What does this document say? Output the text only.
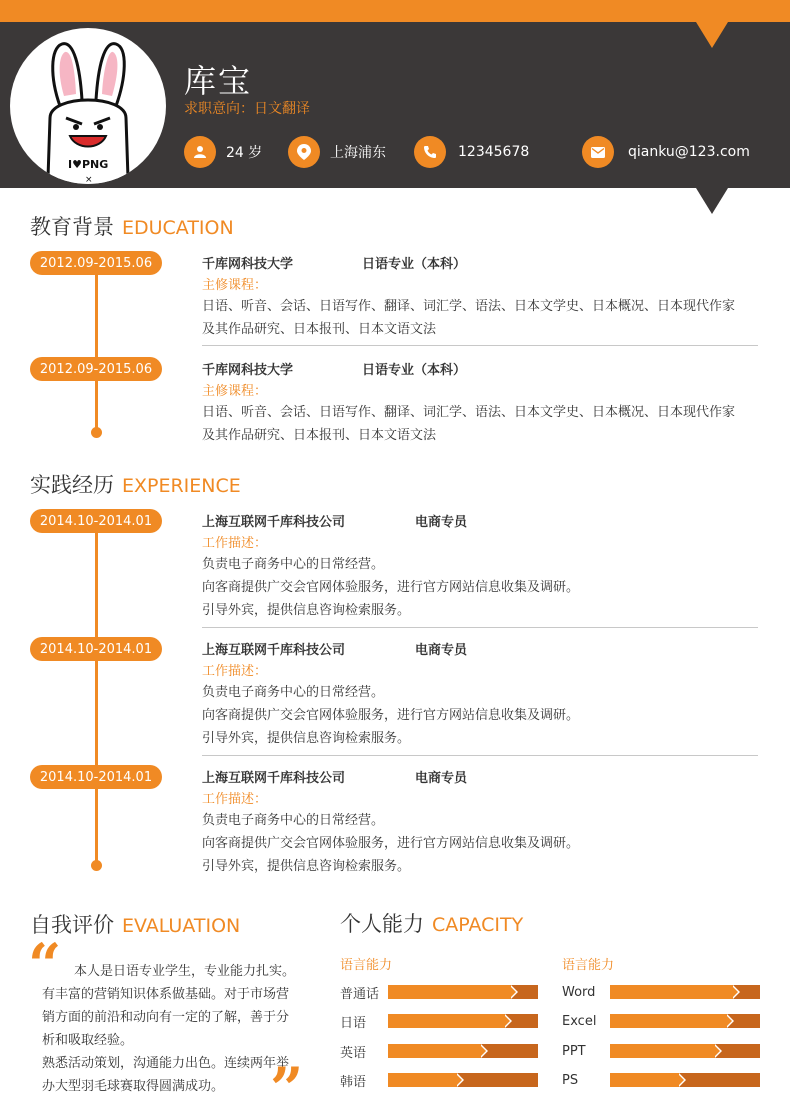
I♥PNG
×
库宝
求职意向：日文翻译
24 岁	上海浦东	12345678	qianku@123.com
教育背景 EDUCATION
2012.09-2015.06	千库网科技大学	日语专业（本科）
主修课程：
日语、听音、会话、日语写作、翻译、词汇学、语法、日本文学史、日本概况、日本现代作家
及其作品研究、日本报刊、日本文语文法
2012.09-2015.06	千库网科技大学	日语专业（本科）
主修课程：
日语、听音、会话、日语写作、翻译、词汇学、语法、日本文学史、日本概况、日本现代作家
及其作品研究、日本报刊、日本文语文法
实践经历 EXPERIENCE
2014.10-2014.01	上海互联网千库科技公司	电商专员
工作描述：
负责电子商务中心的日常经营。
向客商提供广交会官网体验服务，进行官方网站信息收集及调研。
引导外宾，提供信息咨询检索服务。
2014.10-2014.01	上海互联网千库科技公司	电商专员
工作描述：
负责电子商务中心的日常经营。
向客商提供广交会官网体验服务，进行官方网站信息收集及调研。
引导外宾，提供信息咨询检索服务。
2014.10-2014.01	上海互联网千库科技公司	电商专员
工作描述：
负责电子商务中心的日常经营。
向客商提供广交会官网体验服务，进行官方网站信息收集及调研。
引导外宾，提供信息咨询检索服务。
自我评价 EVALUATION
“ 本人是日语专业学生，专业能力扎实。
有丰富的营销知识体系做基础。对于市场营
销方面的前沿和动向有一定的了解，善于分
析和吸取经验。
熟悉活动策划，沟通能力出色。连续两年举
办大型羽毛球赛取得圆满成功。 ”
个人能力 CAPACITY
语言能力	语言能力
普通话
日语
英语
韩语
Word
Excel
PPT
PS
